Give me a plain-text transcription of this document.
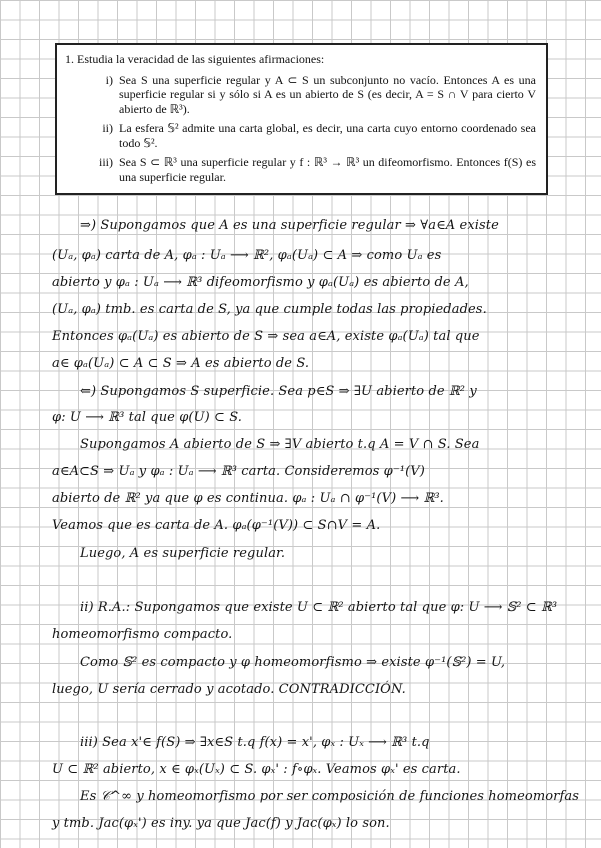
1. Estudia la veracidad de las siguientes afirmaciones:
i) Sea S una superficie regular y A ⊂ S un subconjunto no vacío. Entonces A es una superficie regular si y sólo si A es un abierto de S (es decir, A = S ∩ V para cierto V abierto de ℝ³).
ii) La esfera 𝕊² admite una carta global, es decir, una carta cuyo entorno coordenado sea todo 𝕊².
iii) Sea S ⊂ ℝ³ una superficie regular y f : ℝ³ → ℝ³ un difeomorfismo. Entonces f(S) es una superficie regular.
⇒) Supongamos que A es una superficie regular ⇒ ∀a∈A existe
(Uₐ, φₐ) carta de A, φₐ : Uₐ ⟶ ℝ², φₐ(Uₐ) ⊂ A ⇒ como Uₐ es
abierto y φₐ : Uₐ ⟶ ℝ³ difeomorfismo y φₐ(Uₐ) es abierto de A,
(Uₐ, φₐ) tmb. es carta de S, ya que cumple todas las propiedades.
Entonces φₐ(Uₐ) es abierto de S ⇒ sea a∈A, existe φₐ(Uₐ) tal que
a∈ φₐ(Uₐ) ⊂ A ⊂ S ⇒ A es abierto de S.
⇐) Supongamos S superficie. Sea p∈S ⇒ ∃U abierto de ℝ² y
φ: U ⟶ ℝ³ tal que φ(U) ⊂ S.
Supongamos A abierto de S ⇒ ∃V abierto t.q A = V ∩ S. Sea
a∈A⊂S ⇒ Uₐ y φₐ : Uₐ ⟶ ℝ³ carta. Consideremos φ⁻¹(V)
abierto de ℝ² ya que φ es continua. φₐ : Uₐ ∩ φ⁻¹(V) ⟶ ℝ³.
Veamos que es carta de A. φₐ(φ⁻¹(V)) ⊂ S∩V = A.
Luego, A es superficie regular.
ii) R.A.: Supongamos que existe U ⊂ ℝ² abierto tal que φ: U ⟶ 𝕊² ⊂ ℝ³
homeomorfismo compacto.
Como 𝕊² es compacto y φ homeomorfismo ⇒ existe φ⁻¹(𝕊²) = U,
luego, U sería cerrado y acotado. CONTRADICCIÓN.
iii) Sea x'∈ f(S) ⇒ ∃x∈S t.q f(x) = x', φₓ : Uₓ ⟶ ℝ³ t.q
U ⊂ ℝ² abierto, x ∈ φₓ(Uₓ) ⊂ S. φₓ' : f∘φₓ. Veamos φₓ' es carta.
Es 𝒞^∞ y homeomorfismo por ser composición de funciones homeomorfas
y tmb. Jac(φₓ') es iny. ya que Jac(f) y Jac(φₓ) lo son.
